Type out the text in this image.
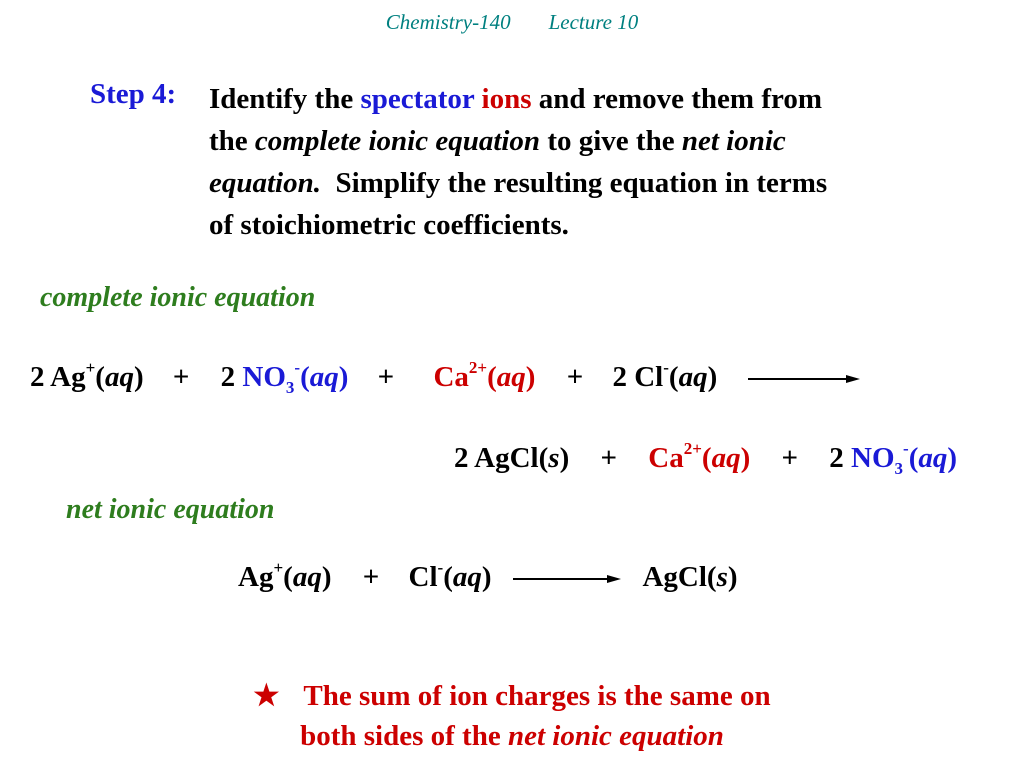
Chemistry-140 Lecture 10
Step 4: Identify the spectator ions and remove them from
the complete ionic equation to give the net ionic
equation.  Simplify the resulting equation in terms
of stoichiometric coefficients.
complete ionic equation
2 Ag+(aq) + 2 $NO_3^-(aq) + Ca^{2+}(aq) + 2$ Cl-(aq) →
2 AgCl(s) + $Ca^{2+}(aq) + 2$ $NO_3^-(aq)$
net ionic equation
Ag+(aq) + Cl-(aq) → AgCl(s)
★ The sum of ion charges is the same on
both sides of the net ionic equation
